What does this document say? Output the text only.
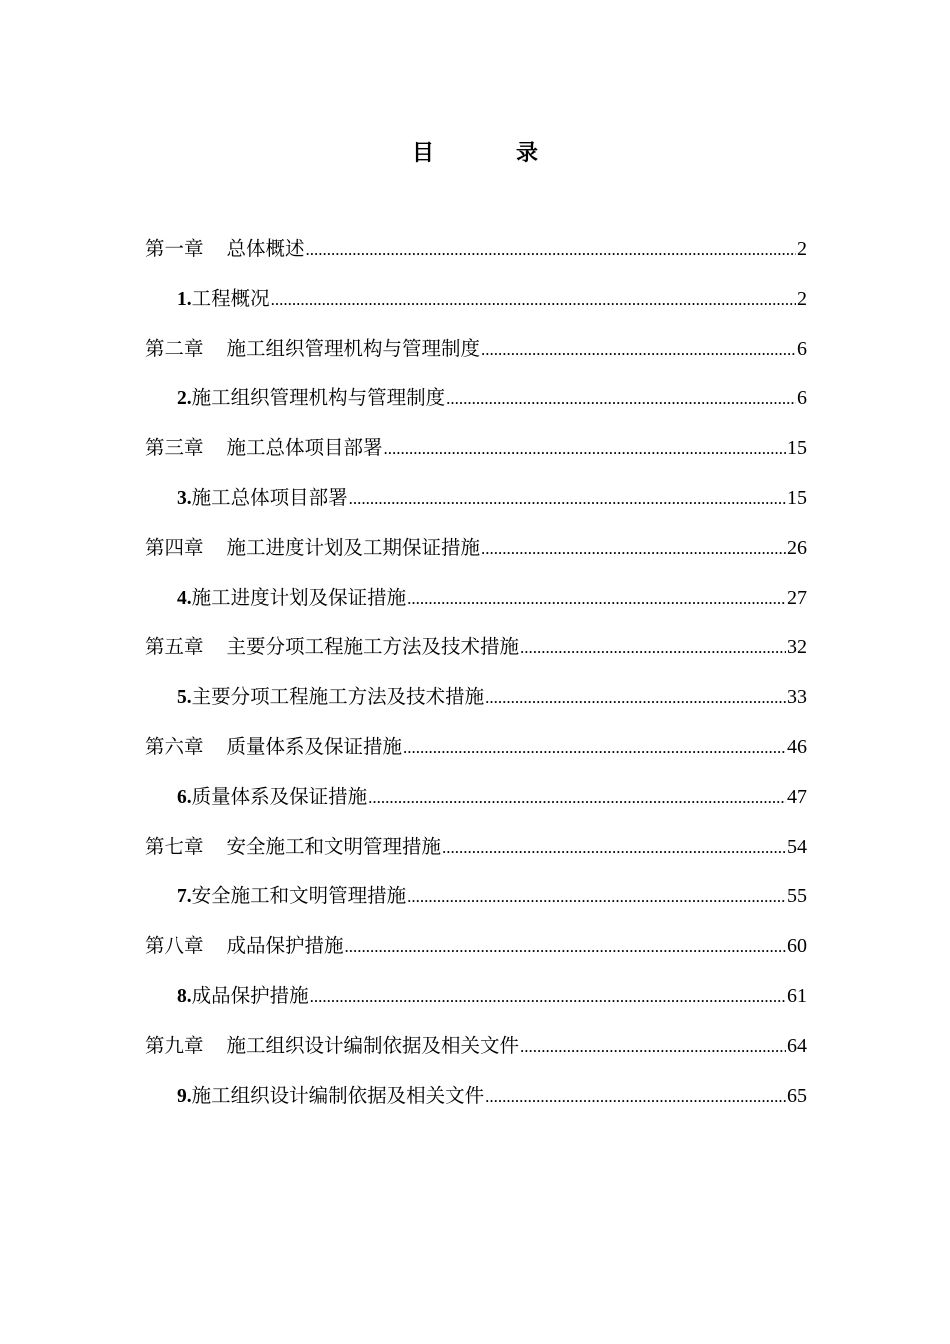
目　录
第一章 总体概述 .....	2
1.工程概况 .....	2
第二章 施工组织管理机构与管理制度 .....	6
2.施工组织管理机构与管理制度 .....	6
第三章 施工总体项目部署 .....	15
3.施工总体项目部署 .....	15
第四章 施工进度计划及工期保证措施 .....	26
4.施工进度计划及保证措施 .....	27
第五章 主要分项工程施工方法及技术措施 .....	32
5.主要分项工程施工方法及技术措施 .....	33
第六章 质量体系及保证措施 .....	46
6.质量体系及保证措施 .....	47
第七章 安全施工和文明管理措施 .....	54
7.安全施工和文明管理措施 .....	55
第八章 成品保护措施 .....	60
8.成品保护措施 .....	61
第九章 施工组织设计编制依据及相关文件 .....	64
9.施工组织设计编制依据及相关文件 .....	65
